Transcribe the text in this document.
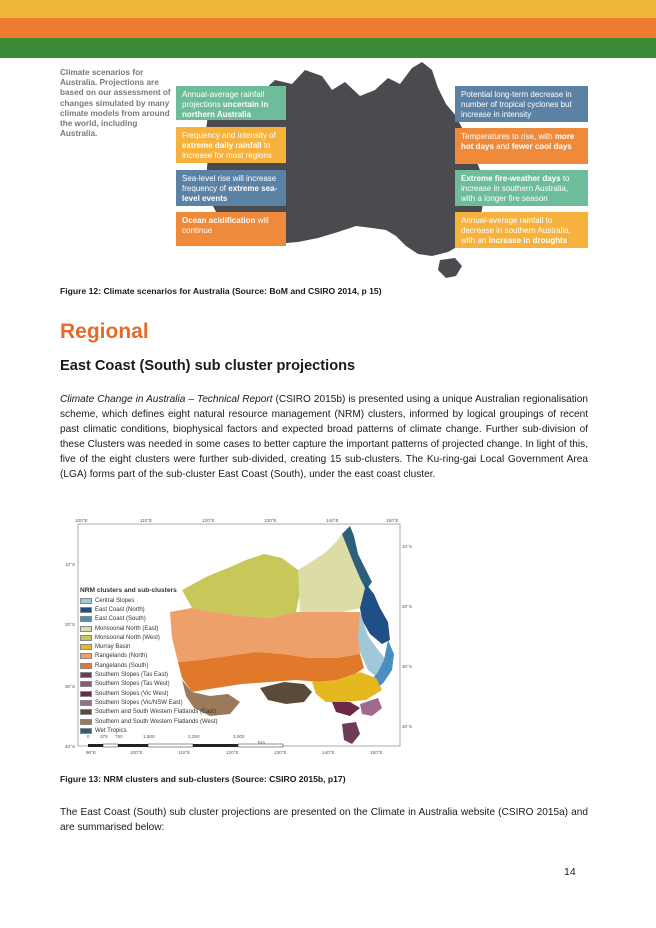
Climate scenarios for Australia. Projections are based on our assessment of changes simulated by many climate models from around the world, including Australia.
Annual-average rainfall projections uncertain in northern Australia
Frequency and intensity of extreme daily rainfall to increase for most regions
Sea-level rise will increase frequency of extreme sea-level events
Ocean acidification will continue
Potential long-term decrease in number of tropical cyclones but increase in intensity
Temperatures to rise, with more hot days and fewer cool days
Extreme fire-weather days to increase in southern Australia, with a longer fire season
Annual-average rainfall to decrease in southern Australia, with an increase in droughts
Figure 12: Climate scenarios for Australia (Source: BoM and CSIRO 2014, p 15)
Regional
East Coast (South) sub cluster projections
Climate Change in Australia – Technical Report (CSIRO 2015b) is presented using a unique Australian regionalisation scheme, which defines eight natural resource management (NRM) clusters, informed by logical groupings of recent past climatic conditions, biophysical factors and expected broad patterns of climate change. Further sub-division of these Clusters was needed in some cases to better capture the important patterns of projected change. In light of this, five of the eight clusters were further sub-divided, creating 15 sub-clusters. The Ku-ring-gai Local Government Area (LGA) forms part of the sub-cluster East Coast (South), under the east coast cluster.
100°E	110°E	120°E	130°E	140°E	150°E
10°S
20°S
30°S
40°S
10°S
20°S
30°S
40°S
90°E	100°E	110°E	120°E	130°E	140°E	150°E
0 375 750	1,500	2,250	3,000
Km
NRM clusters and sub-clusters
Central Slopes
East Coast (North)
East Coast (South)
Monsoonal North (East)
Monsoonal North (West)
Murray Basin
Rangelands (North)
Rangelands (South)
Southern Slopes (Tas East)
Southern Slopes (Tas West)
Southern Slopes (Vic West)
Southern Slopes (Vic/NSW East)
Southern and South Western Flatlands (East)
Southern and South Western Flatlands (West)
Wet Tropics
Figure 13: NRM clusters and sub-clusters (Source: CSIRO 2015b, p17)
The East Coast (South) sub cluster projections are presented on the Climate in Australia website (CSIRO 2015a) and are summarised below:
14
